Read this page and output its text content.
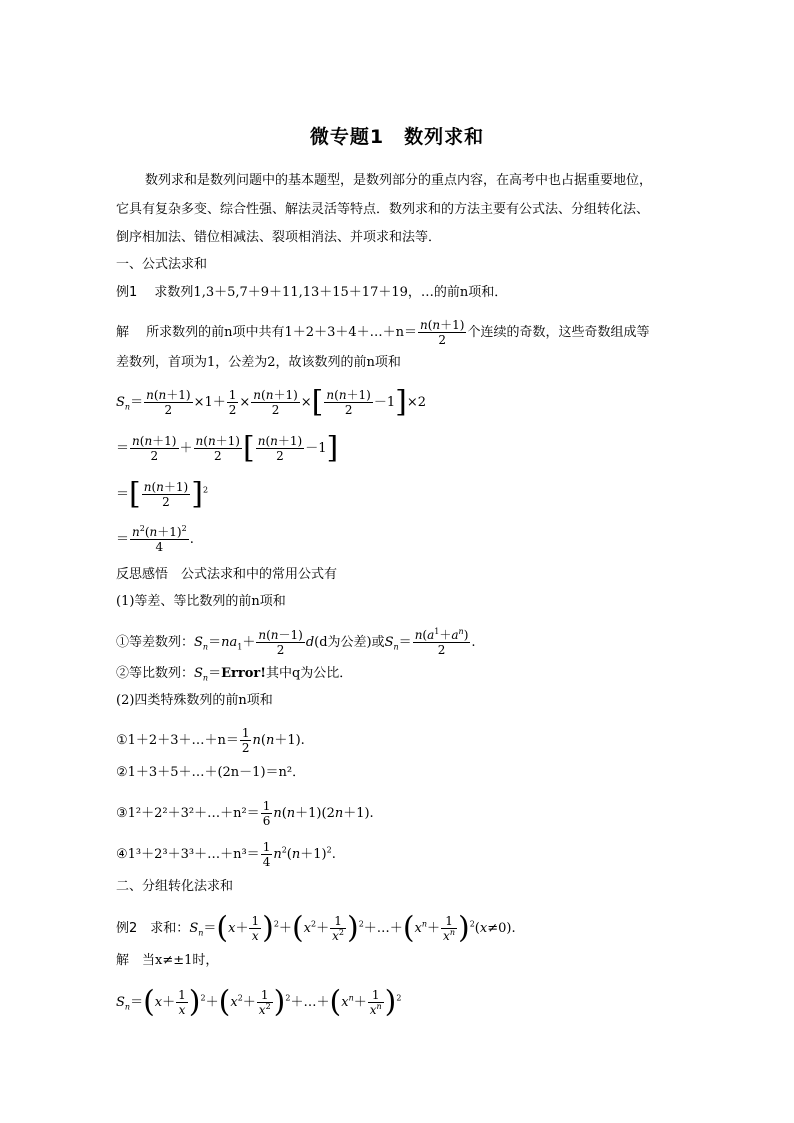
微专题1　数列求和
数列求和是数列问题中的基本题型，是数列部分的重点内容，在高考中也占据重要地位，
它具有复杂多变、综合性强、解法灵活等特点．数列求和的方法主要有公式法、分组转化法、
倒序相加法、错位相减法、裂项相消法、并项求和法等．
一、公式法求和
例1　 求数列1,3＋5,7＋9＋11,13＋15＋17＋19，…的前n项和．
解　 所求数列的前n项中共有1＋2＋3＋4＋…＋n＝ $\frac{n(n+1)}{2}$ 个连续的奇数，这些奇数组成等
差数列，首项为1，公差为2，故该数列的前n项和
$S_n= \frac{n(n+1)}{2} \times 1+ \frac{1}{2} \times \frac{n(n+1)}{2}$ ×[ $\frac{n(n+1)}{2} -1]\times 2$
＝ $\frac{n(n+1)}{2} + \frac{n(n+1)}{2}$ [ $\frac{n(n+1)}{2} -1$]
＝[ $\frac{n(n+1)}{2} ]^2$
＝ $\frac{n^2(n+1)^2}{4}$ .
反思感悟　 公式法求和中的常用公式有
(1)等差、等比数列的前n项和
①等差数列：$S_n=na_1+ \frac{n(n-1)}{2} d(d$为公差)或$S_n= \frac{n(a^1+a^n)}{2}$ .
②等比数列：$S_n=Error$!其中q为公比．
(2)四类特殊数列的前n项和
①1＋2＋3＋…＋n＝ $\frac{1}{2} n(n+1)$.
②1＋3＋5＋…＋(2n－1)＝n²．
③1²＋2²＋3²＋…＋n²＝ $\frac{1}{6} n(n+1)(2n+1)$.
④1³＋2³＋3³＋…＋n³＝ $\frac{1}{4} n^2(n+1)^2$.
二、分组转化法求和
例2　 求和：$S_n=(x+ \frac{1}{x} )^2+(x^2+ \frac{1}{x^2}$ )$^2+\dots+(x^n+ \frac{1}{x^n} )^2(x\ne 0)$.
解　 当x≠±1时，
$S_n=(x+ \frac{1}{x} )^2+(x^2+ \frac{1}{x^2}$ )$^2+\dots+(x^n+ \frac{1}{x^n} )^2$
